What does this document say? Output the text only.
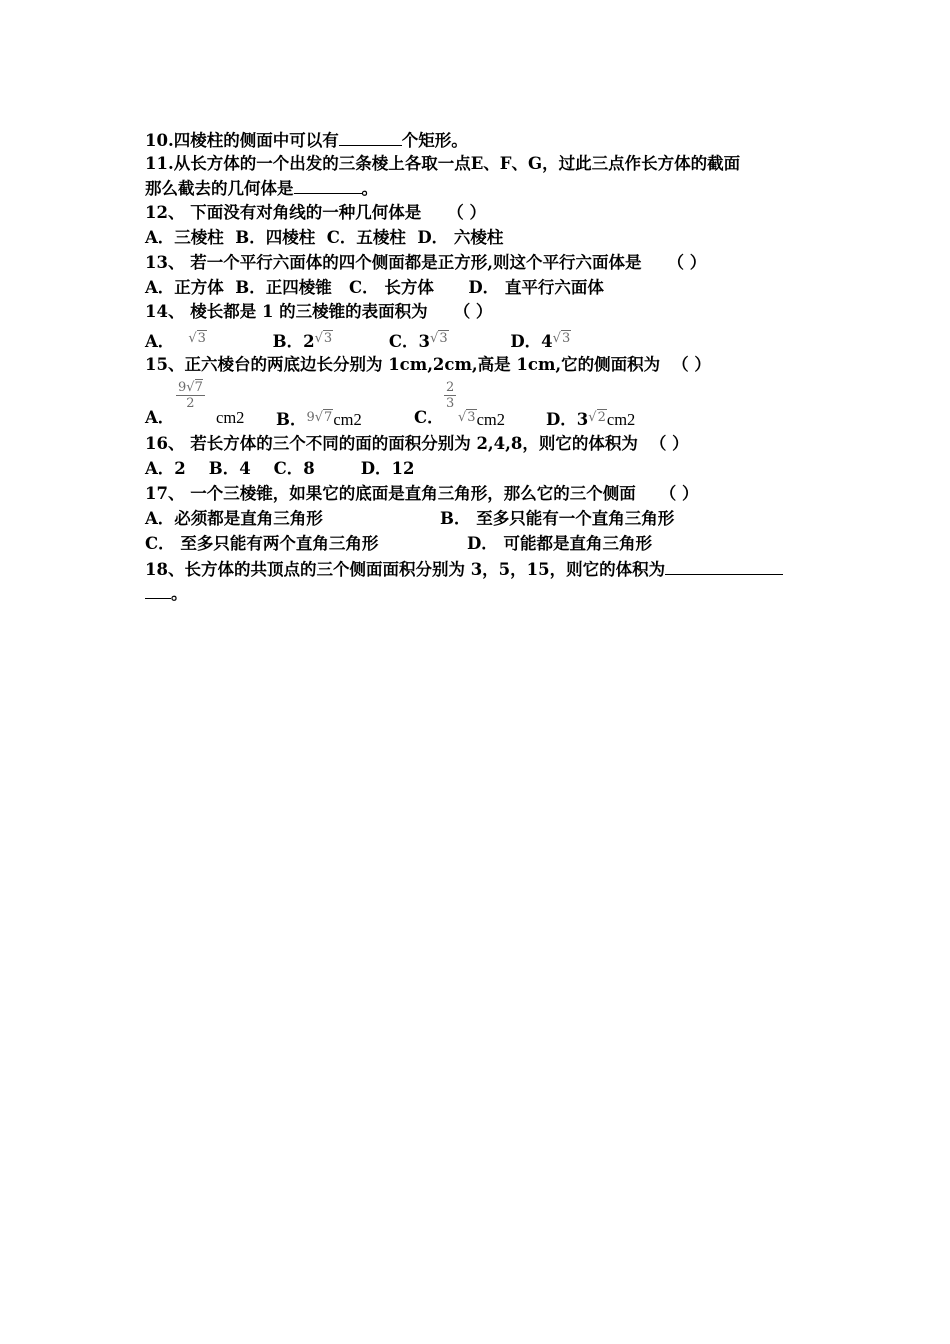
10.四棱柱的侧面中可以有	个矩形。
11.从长方体的一个出发的三条棱上各取一点E、F、G，过此三点作长方体的截面
那么截去的几何体是	。
12、 下面没有对角线的一种几何体是 （ ）
A．三棱柱  B．四棱柱  C．五棱柱  D． 六棱柱
13、 若一个平行六面体的四个侧面都是正方形,则这个平行六面体是 （ ）
A．正方体  B．正四棱锥   C． 长方体      D． 直平行六面体
14、 棱长都是 1 的三棱锥的表面积为 （ ）
A． √3	B．2√3	C．3√3	D．4√3
15、正六棱台的两底边长分别为 1cm,2cm,高是 1cm,它的侧面积为 （ ）
A．
$\frac{9√7}{2}$
cm2 B．9√7cm2	C．
$\frac{2}{3}$
√3cm2 D．3√2cm2
16、 若长方体的三个不同的面的面积分别为 2,4,8，则它的体积为 （ ）
A．2    B．4    C．8        D．12
17、 一个三棱锥，如果它的底面是直角三角形，那么它的三个侧面 （ ）
A．必须都是直角三角形	B． 至多只能有一个直角三角形
C． 至多只能有两个直角三角形	D． 可能都是直角三角形
18、长方体的共顶点的三个侧面面积分别为 3，5，15，则它的体积为
。
